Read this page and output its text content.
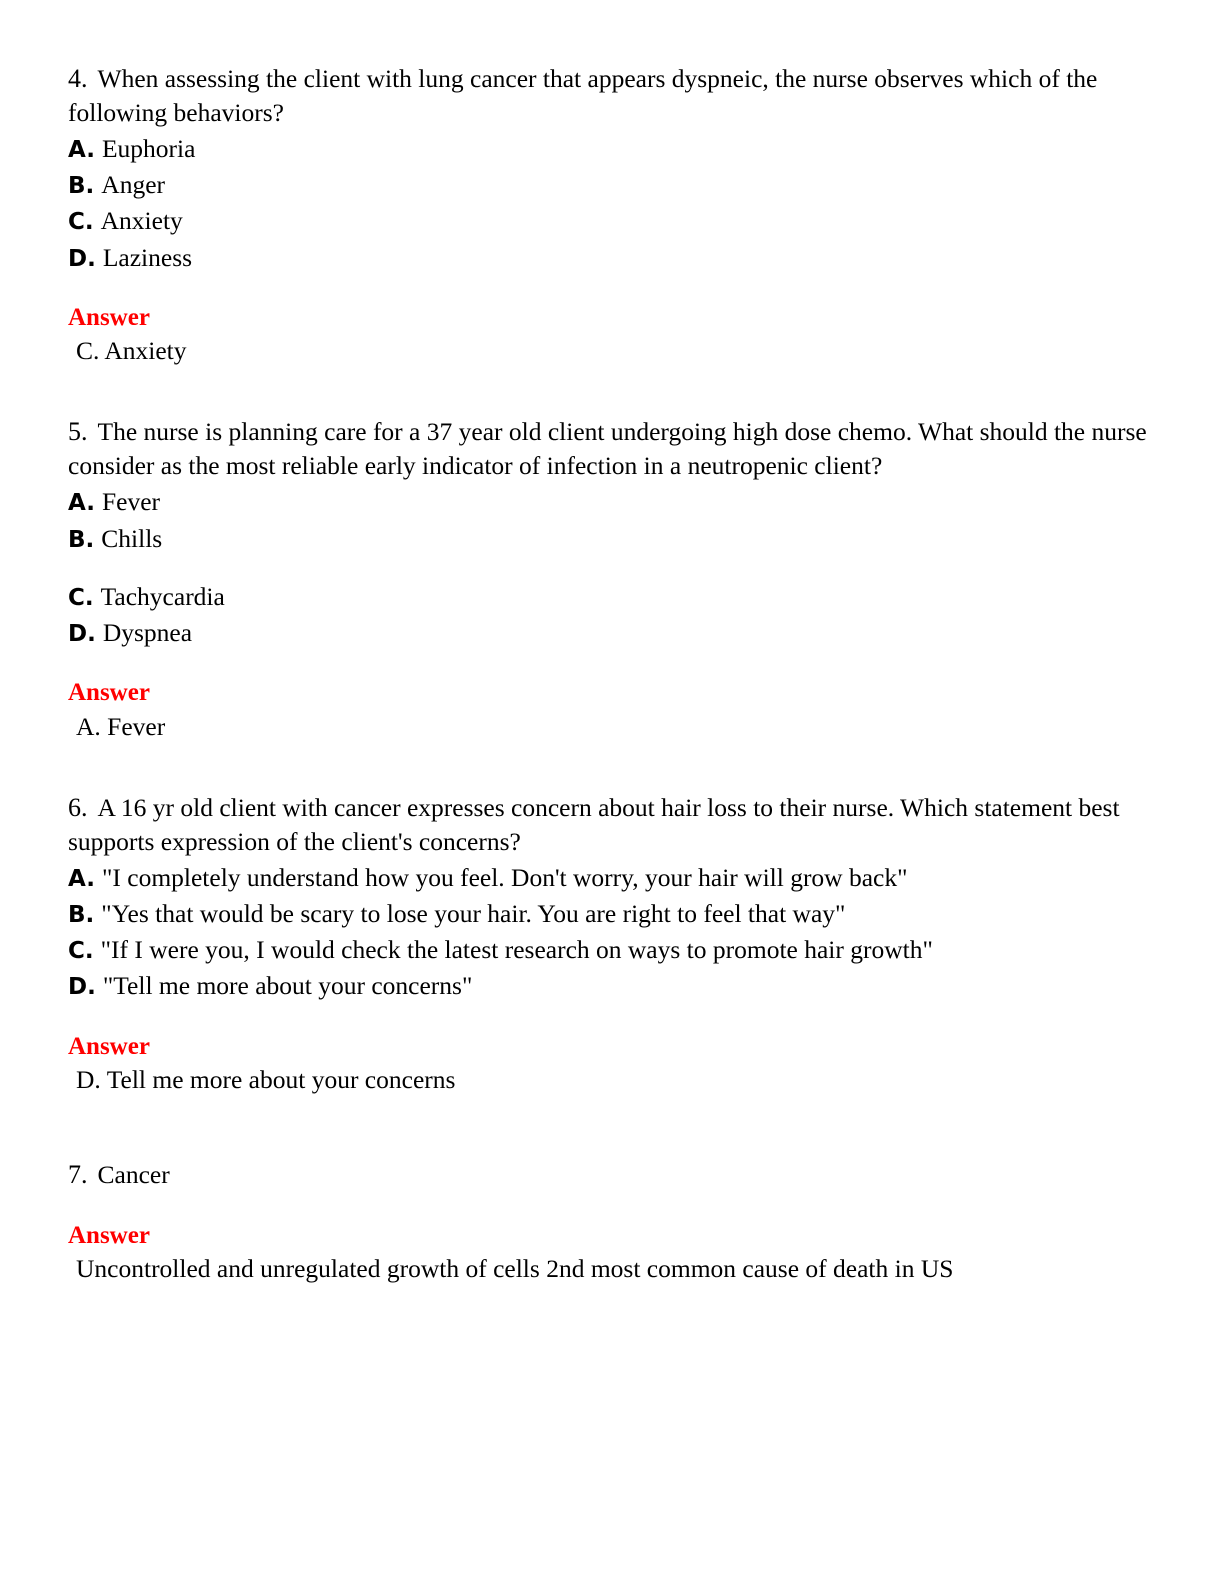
4. When assessing the client with lung cancer that appears dyspneic, the nurse observes which of the following behaviors?

A. Euphoria

B. Anger

C. Anxiety

D. Laziness

Answer

C. Anxiety

5. The nurse is planning care for a 37 year old client undergoing high dose chemo. What should the nurse consider as the most reliable early indicator of infection in a neutropenic client?

A. Fever

B. Chills

C. Tachycardia

D. Dyspnea

Answer

A. Fever

6. A 16 yr old client with cancer expresses concern about hair loss to their nurse. Which statement best supports expression of the client's concerns?

A. "I completely understand how you feel. Don't worry, your hair will grow back"

B. "Yes that would be scary to lose your hair. You are right to feel that way"

C. "If I were you, I would check the latest research on ways to promote hair growth"

D. "Tell me more about your concerns"

Answer

D. Tell me more about your concerns

7. Cancer

Answer

Uncontrolled and unregulated growth of cells 2nd most common cause of death in US
